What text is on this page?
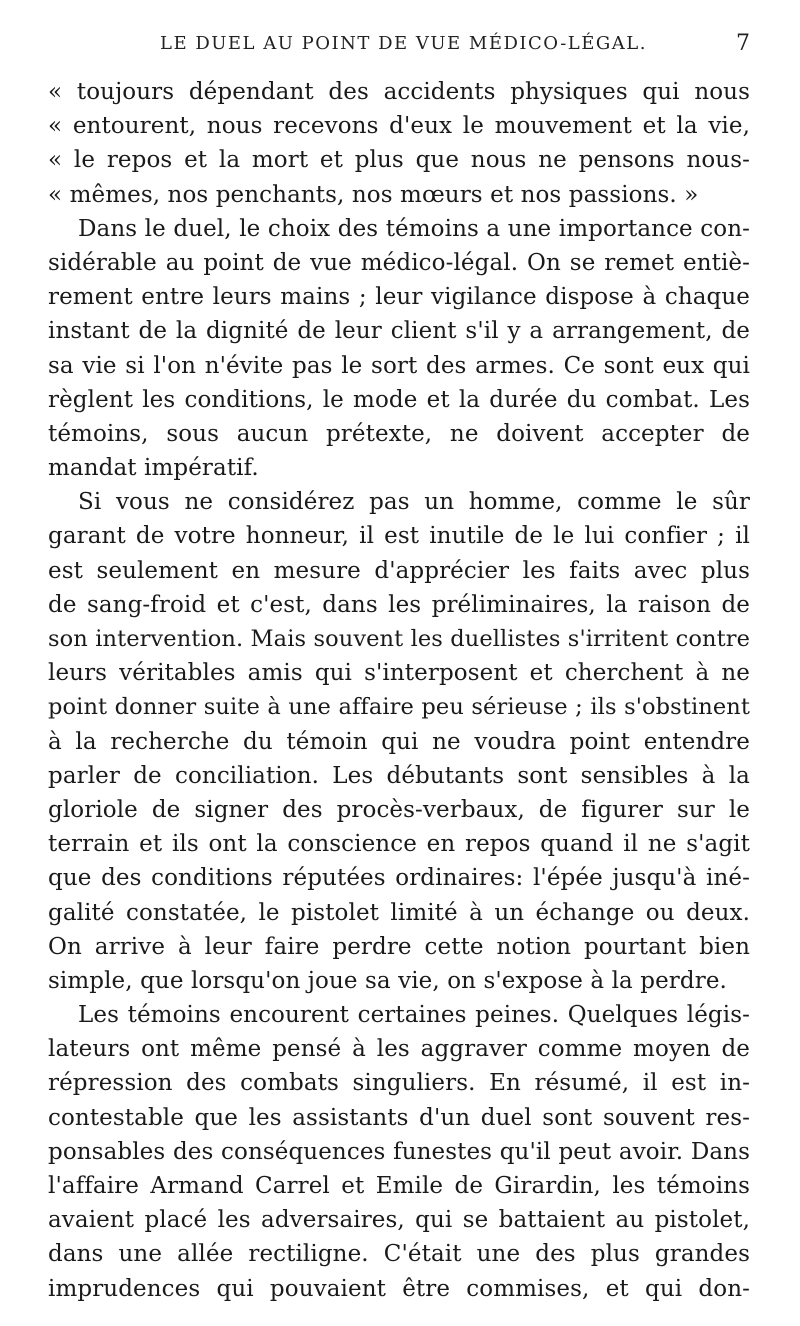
LE DUEL AU POINT DE VUE MÉDICO-LÉGAL.	7
« toujours dépendant des accidents physiques qui nous
« entourent, nous recevons d'eux le mouvement et la vie,
« le repos et la mort et plus que nous ne pensons nous-
« mêmes, nos penchants, nos mœurs et nos passions. »
Dans le duel, le choix des témoins a une importance con-
sidérable au point de vue médico-légal. On se remet entiè-
rement entre leurs mains ; leur vigilance dispose à chaque
instant de la dignité de leur client s'il y a arrangement, de
sa vie si l'on n'évite pas le sort des armes. Ce sont eux qui
règlent les conditions, le mode et la durée du combat. Les
témoins, sous aucun prétexte, ne doivent accepter de
mandat impératif.
Si vous ne considérez pas un homme, comme le sûr
garant de votre honneur, il est inutile de le lui confier ; il
est seulement en mesure d'apprécier les faits avec plus
de sang-froid et c'est, dans les préliminaires, la raison de
son intervention. Mais souvent les duellistes s'irritent contre
leurs véritables amis qui s'interposent et cherchent à ne
point donner suite à une affaire peu sérieuse ; ils s'obstinent
à la recherche du témoin qui ne voudra point entendre
parler de conciliation. Les débutants sont sensibles à la
gloriole de signer des procès-verbaux, de figurer sur le
terrain et ils ont la conscience en repos quand il ne s'agit
que des conditions réputées ordinaires: l'épée jusqu'à iné-
galité constatée, le pistolet limité à un échange ou deux.
On arrive à leur faire perdre cette notion pourtant bien
simple, que lorsqu'on joue sa vie, on s'expose à la perdre.
Les témoins encourent certaines peines. Quelques légis-
lateurs ont même pensé à les aggraver comme moyen de
répression des combats singuliers. En résumé, il est in-
contestable que les assistants d'un duel sont souvent res-
ponsables des conséquences funestes qu'il peut avoir. Dans
l'affaire Armand Carrel et Emile de Girardin, les témoins
avaient placé les adversaires, qui se battaient au pistolet,
dans une allée rectiligne. C'était une des plus grandes
imprudences qui pouvaient être commises, et qui don-
